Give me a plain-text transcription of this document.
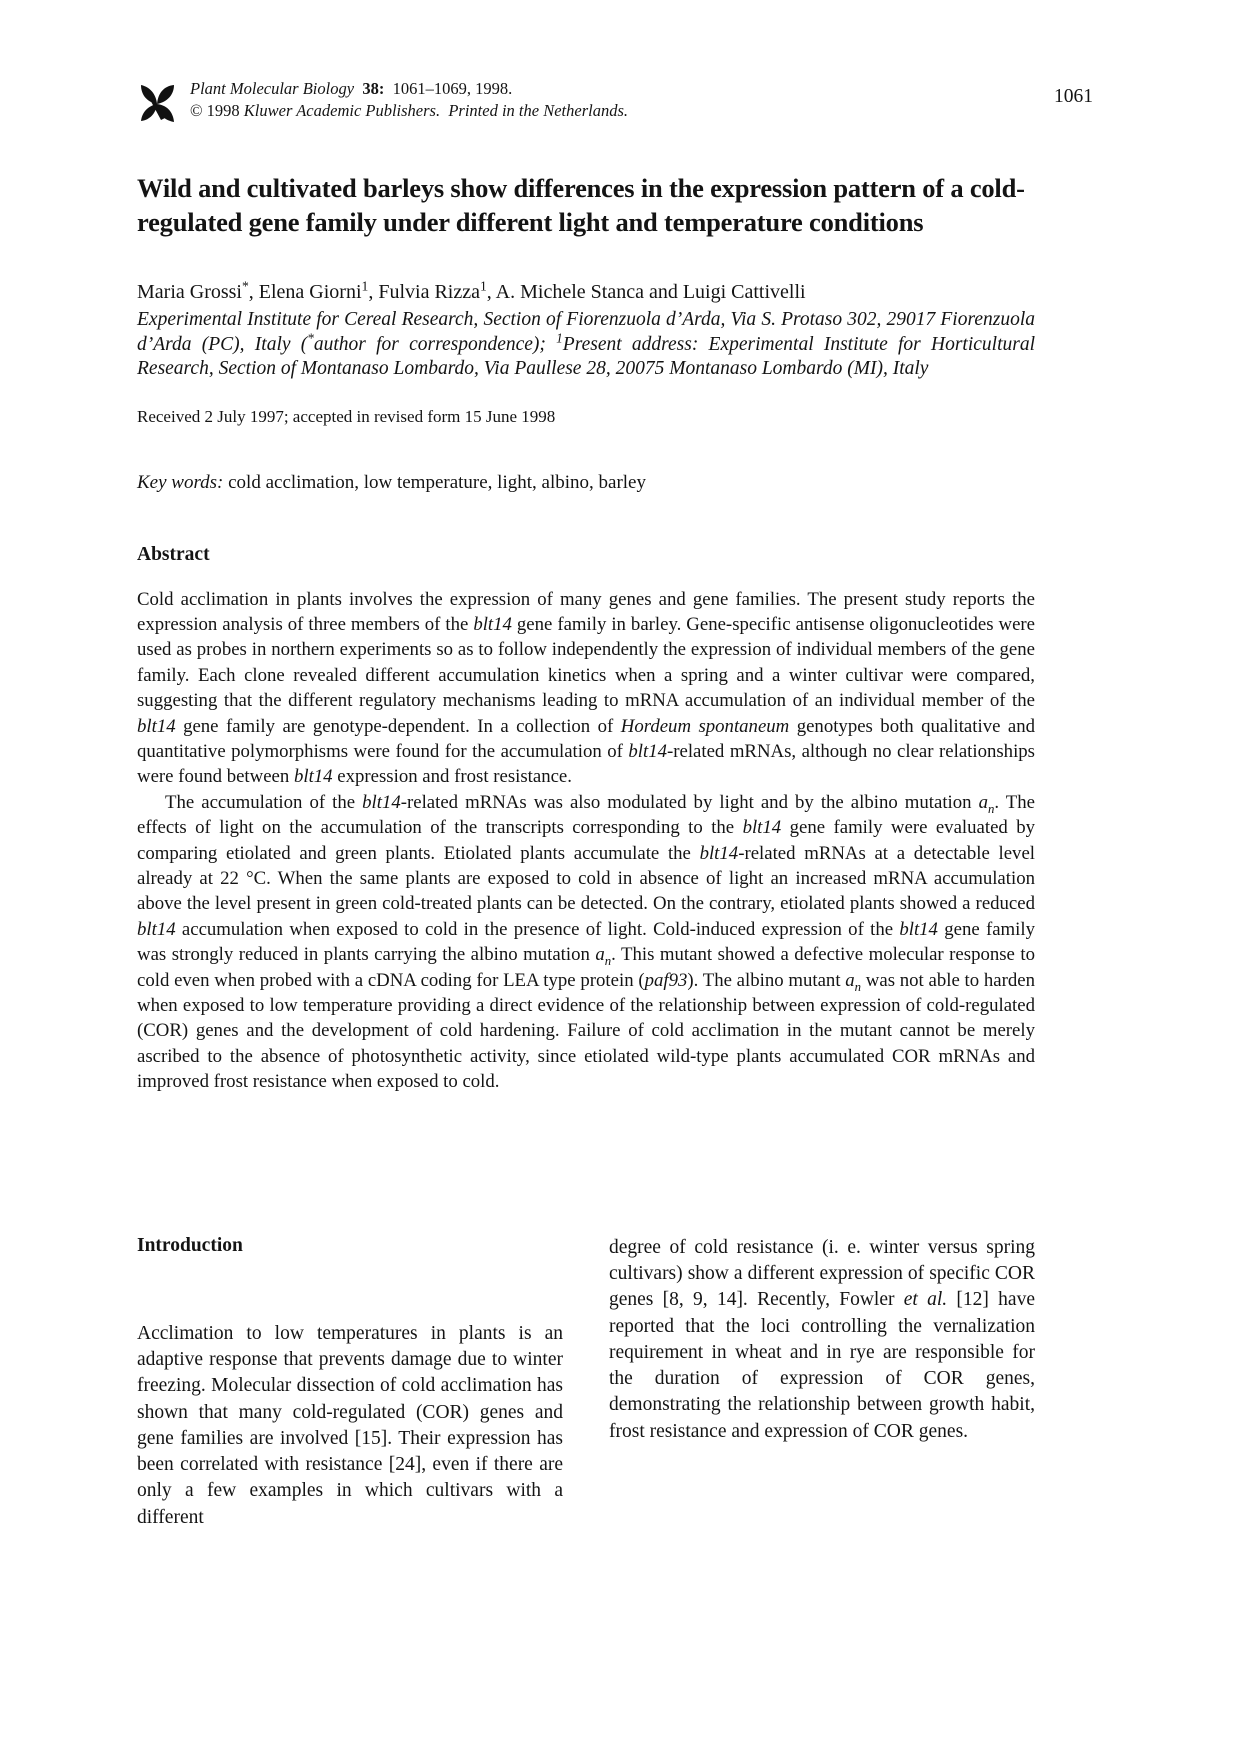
Plant Molecular Biology 38:  1061–1069, 1998.
© 1998 Kluwer Academic Publishers.  Printed in the Netherlands.
1061
Wild and cultivated barleys show differences in the expression pattern of a cold-regulated gene family under different light and temperature conditions
Maria Grossi*, Elena Giorni$^1$, Fulvia Rizza$^1$, A. Michele Stanca and Luigi Cattivelli
Experimental Institute for Cereal Research, Section of Fiorenzuola d’Arda, Via S. Protaso 302, 29017 Fiorenzuola d’Arda (PC), Italy (*author for correspondence); $^1$Present address: Experimental Institute for Horticultural Research, Section of Montanaso Lombardo, Via Paullese 28, 20075 Montanaso Lombardo (MI), Italy
Received 2 July 1997; accepted in revised form 15 June 1998
Key words: cold acclimation, low temperature, light, albino, barley
Abstract

Cold acclimation in plants involves the expression of many genes and gene families. The present study reports the expression analysis of three members of the blt14 gene family in barley. Gene-specific antisense oligonucleotides were used as probes in northern experiments so as to follow independently the expression of individual members of the gene family. Each clone revealed different accumulation kinetics when a spring and a winter cultivar were compared, suggesting that the different regulatory mechanisms leading to mRNA accumulation of an individual member of the blt14 gene family are genotype-dependent. In a collection of Hordeum spontaneum genotypes both qualitative and quantitative polymorphisms were found for the accumulation of blt14-related mRNAs, although no clear relationships were found between blt14 expression and frost resistance.

The accumulation of the blt14-related mRNAs was also modulated by light and by the albino mutation $a_n$. The effects of light on the accumulation of the transcripts corresponding to the blt14 gene family were evaluated by comparing etiolated and green plants. Etiolated plants accumulate the blt14-related mRNAs at a detectable level already at 22 °C. When the same plants are exposed to cold in absence of light an increased mRNA accumulation above the level present in green cold-treated plants can be detected. On the contrary, etiolated plants showed a reduced blt14 accumulation when exposed to cold in the presence of light. Cold-induced expression of the blt14 gene family was strongly reduced in plants carrying the albino mutation $a_n$. This mutant showed a defective molecular response to cold even when probed with a cDNA coding for LEA type protein (paf93). The albino mutant $a_n$ was not able to harden when exposed to low temperature providing a direct evidence of the relationship between expression of cold-regulated (COR) genes and the development of cold hardening. Failure of cold acclimation in the mutant cannot be merely ascribed to the absence of photosynthetic activity, since etiolated wild-type plants accumulated COR mRNAs and improved frost resistance when exposed to cold.

Introduction

Acclimation to low temperatures in plants is an adaptive response that prevents damage due to winter freezing. Molecular dissection of cold acclimation has shown that many cold-regulated (COR) genes and gene families are involved [15]. Their expression has been correlated with resistance [24], even if there are only a few examples in which cultivars with a different

degree of cold resistance (i. e. winter versus spring cultivars) show a different expression of specific COR genes [8, 9, 14]. Recently, Fowler et al. [12] have reported that the loci controlling the vernalization requirement in wheat and in rye are responsible for the duration of expression of COR genes, demonstrating the relationship between growth habit, frost resistance and expression of COR genes.
